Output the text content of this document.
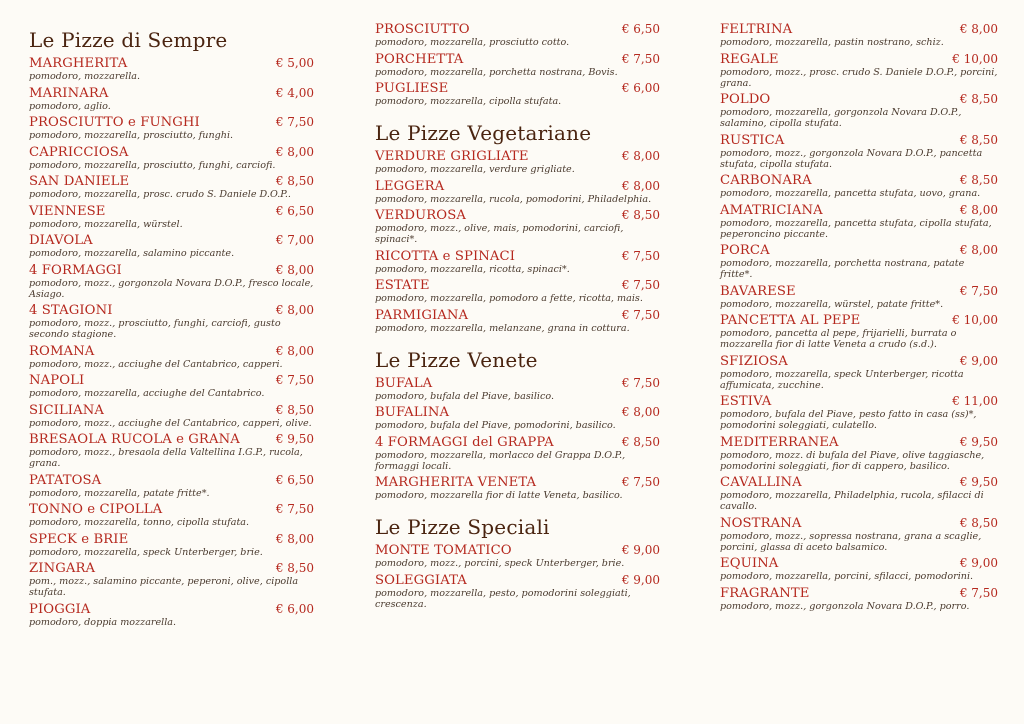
Le Pizze di Sempre
MARGHERITA	€ 5,00
pomodoro, mozzarella.
MARINARA	€ 4,00
pomodoro, aglio.
PROSCIUTTO e FUNGHI	€ 7,50
pomodoro, mozzarella, prosciutto, funghi.
CAPRICCIOSA	€ 8,00
pomodoro, mozzarella, prosciutto, funghi, carciofi.
SAN DANIELE	€ 8,50
pomodoro, mozzarella, prosc. crudo S. Daniele D.O.P..
VIENNESE	€ 6,50
pomodoro, mozzarella, würstel.
DIAVOLA	€ 7,00
pomodoro, mozzarella, salamino piccante.
4 FORMAGGI	€ 8,00
pomodoro, mozz., gorgonzola Novara D.O.P., fresco locale, Asiago.
4 STAGIONI	€ 8,00
pomodoro, mozz., prosciutto, funghi, carciofi, gusto secondo stagione.
ROMANA	€ 8,00
pomodoro, mozz., acciughe del Cantabrico, capperi.
NAPOLI	€ 7,50
pomodoro, mozzarella, acciughe del Cantabrico.
SICILIANA	€ 8,50
pomodoro, mozz., acciughe del Cantabrico, capperi, olive.
BRESAOLA RUCOLA e GRANA	€ 9,50
pomodoro, mozz., bresaola della Valtellina I.G.P., rucola, grana.
PATATOSA	€ 6,50
pomodoro, mozzarella, patate fritte*.
TONNO e CIPOLLA	€ 7,50
pomodoro, mozzarella, tonno, cipolla stufata.
SPECK e BRIE	€ 8,00
pomodoro, mozzarella, speck Unterberger, brie.
ZINGARA	€ 8,50
pom., mozz., salamino piccante, peperoni, olive, cipolla stufata.
PIOGGIA	€ 6,00
pomodoro, doppia mozzarella.
PROSCIUTTO	€ 6,50
pomodoro, mozzarella, prosciutto cotto.
PORCHETTA	€ 7,50
pomodoro, mozzarella, porchetta nostrana, Bovis.
PUGLIESE	€ 6,00
pomodoro, mozzarella, cipolla stufata.
Le Pizze Vegetariane
VERDURE GRIGLIATE	€ 8,00
pomodoro, mozzarella, verdure grigliate.
LEGGERA	€ 8,00
pomodoro, mozzarella, rucola, pomodorini, Philadelphia.
VERDUROSA	€ 8,50
pomodoro, mozz., olive, mais, pomodorini, carciofi, spinaci*.
RICOTTA e SPINACI	€ 7,50
pomodoro, mozzarella, ricotta, spinaci*.
ESTATE	€ 7,50
pomodoro, mozzarella, pomodoro a fette, ricotta, mais.
PARMIGIANA	€ 7,50
pomodoro, mozzarella, melanzane, grana in cottura.
Le Pizze Venete
BUFALA	€ 7,50
pomodoro, bufala del Piave, basilico.
BUFALINA	€ 8,00
pomodoro, bufala del Piave, pomodorini, basilico.
4 FORMAGGI del GRAPPA	€ 8,50
pomodoro, mozzarella, morlacco del Grappa D.O.P., formaggi locali.
MARGHERITA VENETA	€ 7,50
pomodoro, mozzarella fior di latte Veneta, basilico.
Le Pizze Speciali
MONTE TOMATICO	€ 9,00
pomodoro, mozz., porcini, speck Unterberger, brie.
SOLEGGIATA	€ 9,00
pomodoro, mozzarella, pesto, pomodorini soleggiati, crescenza.
FELTRINA	€ 8,00
pomodoro, mozzarella, pastin nostrano, schiz.
REGALE	€ 10,00
pomodoro, mozz., prosc. crudo S. Daniele D.O.P., porcini, grana.
POLDO	€ 8,50
pomodoro, mozzarella, gorgonzola Novara D.O.P., salamino, cipolla stufata.
RUSTICA	€ 8,50
pomodoro, mozz., gorgonzola Novara D.O.P., pancetta stufata, cipolla stufata.
CARBONARA	€ 8,50
pomodoro, mozzarella, pancetta stufata, uovo, grana.
AMATRICIANA	€ 8,00
pomodoro, mozzarella, pancetta stufata, cipolla stufata, peperoncino piccante.
PORCA	€ 8,00
pomodoro, mozzarella, porchetta nostrana, patate fritte*.
BAVARESE	€ 7,50
pomodoro, mozzarella, würstel, patate fritte*.
PANCETTA AL PEPE	€ 10,00
pomodoro, pancetta al pepe, frijarielli, burrata o mozzarella fior di latte Veneta a crudo (s.d.).
SFIZIOSA	€ 9,00
pomodoro, mozzarella, speck Unterberger, ricotta affumicata, zucchine.
ESTIVA	€ 11,00
pomodoro, bufala del Piave, pesto fatto in casa (ss)*, pomodorini soleggiati, culatello.
MEDITERRANEA	€ 9,50
pomodoro, mozz. di bufala del Piave, olive taggiasche, pomodorini soleggiati, fior di cappero, basilico.
CAVALLINA	€ 9,50
pomodoro, mozzarella, Philadelphia, rucola, sfilacci di cavallo.
NOSTRANA	€ 8,50
pomodoro, mozz., sopressa nostrana, grana a scaglie, porcini, glassa di aceto balsamico.
EQUINA	€ 9,00
pomodoro, mozzarella, porcini, sfilacci, pomodorini.
FRAGRANTE	€ 7,50
pomodoro, mozz., gorgonzola Novara D.O.P., porro.
